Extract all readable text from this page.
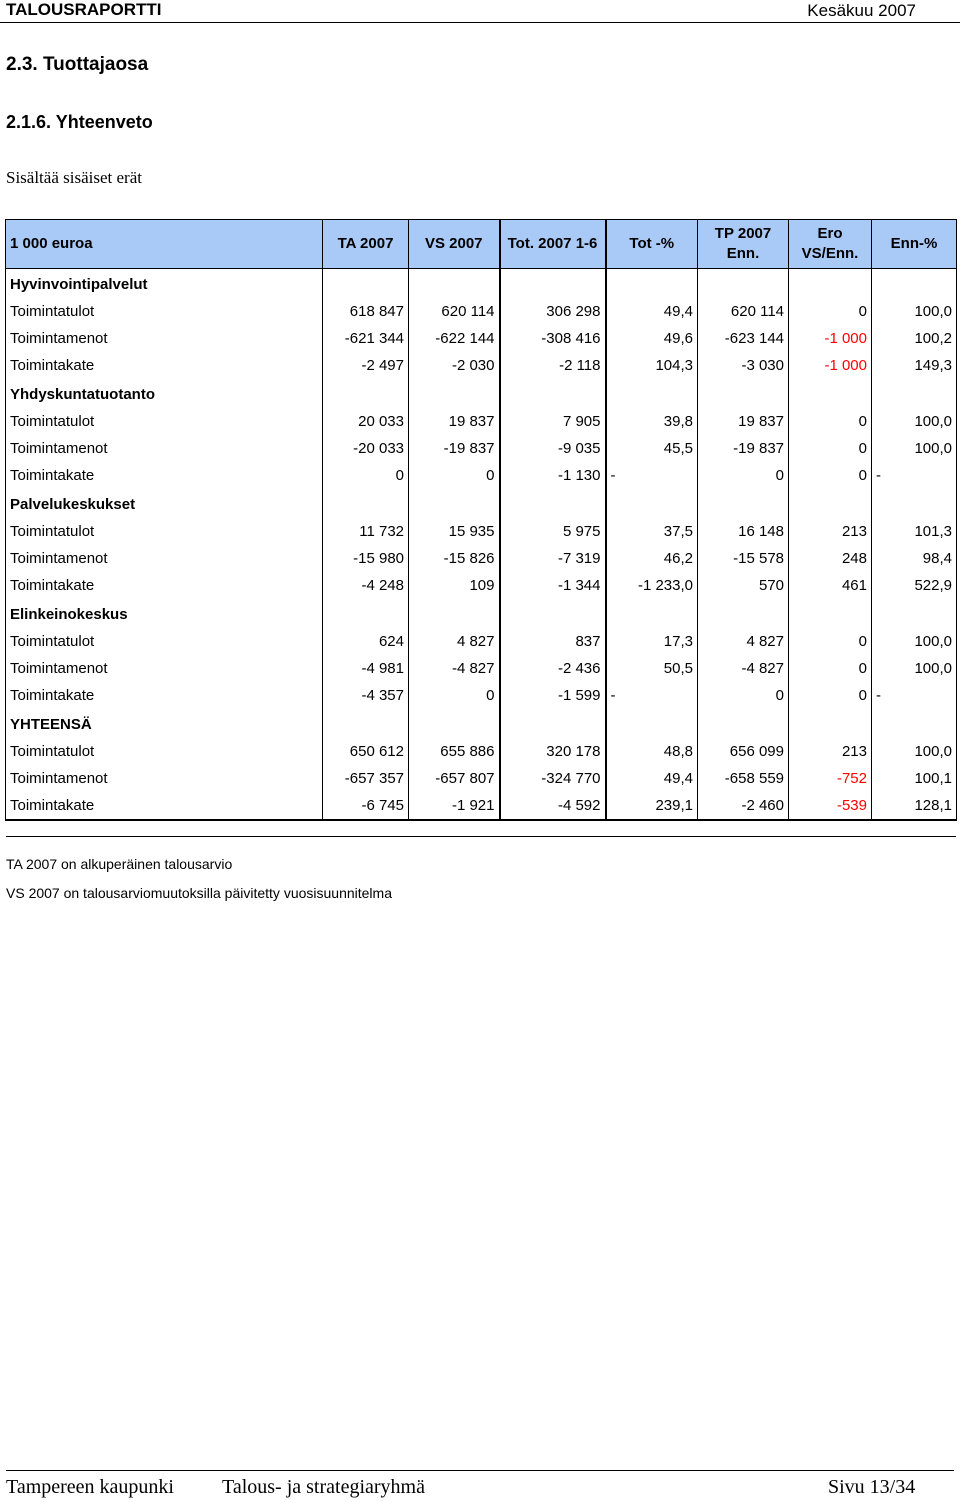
TALOUSRAPORTTI	Kesäkuu 2007
2.3. Tuottajaosa
2.1.6. Yhteenveto
Sisältää sisäiset erät
1 000 euroa	TA 2007	VS 2007	Tot. 2007 1-6	Tot -%	TP 2007 Enn.	Ero VS/Enn.	Enn-%
Hyvinvointipalvelut							
Toimintatulot	618 847	620 114	306 298	49,4	620 114	0	100,0
Toimintamenot	-621 344	-622 144	-308 416	49,6	-623 144	-1 000	100,2
Toimintakate	-2 497	-2 030	-2 118	104,3	-3 030	-1 000	149,3
Yhdyskuntatuotanto							
Toimintatulot	20 033	19 837	7 905	39,8	19 837	0	100,0
Toimintamenot	-20 033	-19 837	-9 035	45,5	-19 837	0	100,0
Toimintakate	0	0	-1 130	-	0	0	-
Palvelukeskukset							
Toimintatulot	11 732	15 935	5 975	37,5	16 148	213	101,3
Toimintamenot	-15 980	-15 826	-7 319	46,2	-15 578	248	98,4
Toimintakate	-4 248	109	-1 344	-1 233,0	570	461	522,9
Elinkeinokeskus							
Toimintatulot	624	4 827	837	17,3	4 827	0	100,0
Toimintamenot	-4 981	-4 827	-2 436	50,5	-4 827	0	100,0
Toimintakate	-4 357	0	-1 599	-	0	0	-
YHTEENSÄ							
Toimintatulot	650 612	655 886	320 178	48,8	656 099	213	100,0
Toimintamenot	-657 357	-657 807	-324 770	49,4	-658 559	-752	100,1
Toimintakate	-6 745	-1 921	-4 592	239,1	-2 460	-539	128,1
TA 2007 on alkuperäinen talousarvio
VS 2007 on talousarviomuutoksilla päivitetty vuosisuunnitelma
Tampereen kaupunki Talous- ja strategiaryhmä	Sivu 13/34
